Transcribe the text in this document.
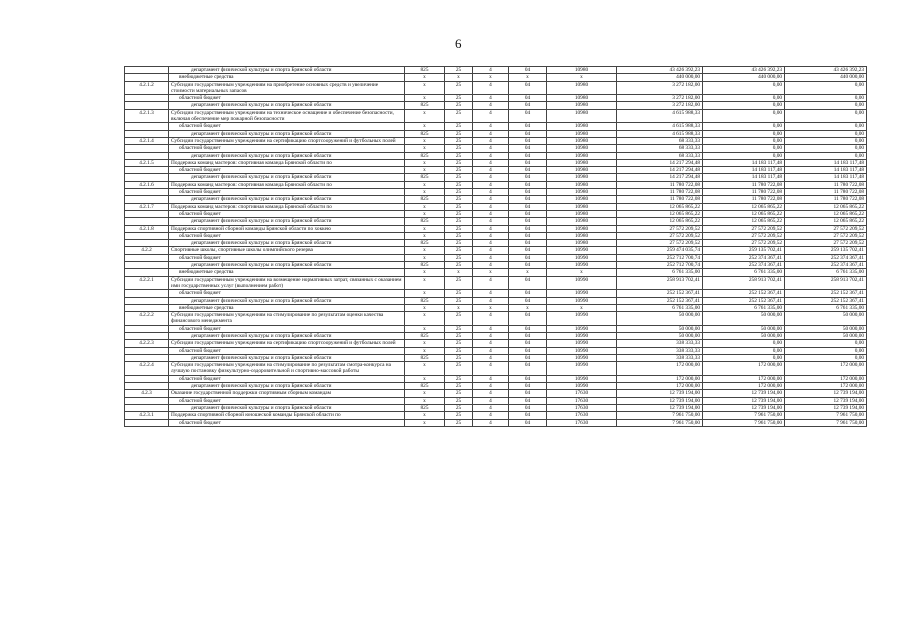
6
	департамент физической культуры и спорта Брянской области	825	25	4	04	10980	43 426 392,23	43 426 392,23	43 426 392,23
	внебюджетные средства	x	x	x	x	x	440 000,00	440 000,00	440 000,00
4.2.1.2	Субсидии государственным учреждениям на приобретение основных средств и увеличение стоимости материальных запасов	x	25	4	04	10980	3 272 182,00	0,00	0,00
	областной бюджет	x	25	4	04	10980	3 272 182,00	0,00	0,00
	департамент физической культуры и спорта Брянской области	825	25	4	04	10980	3 272 182,00	0,00	0,00
4.2.1.3	Субсидии государственным учреждениям на техническое оснащение и обеспечение безопасности, включая обеспечение мер пожарной безопасности	x	25	4	04	10980	4 615 988,33	0,00	0,00
	областной бюджет	x	25	4	04	10980	4 615 988,33	0,00	0,00
	департамент физической культуры и спорта Брянской области	825	25	4	04	10980	4 615 988,33	0,00	0,00
4.2.1.4	Субсидии государственным учреждениям на сертификацию спортсооружений и футбольных полей	x	25	4	04	10980	68 333,33	0,00	0,00
	областной бюджет	x	25	4	04	10980	68 333,33	0,00	0,00
	департамент физической культуры и спорта Брянской области	825	25	4	04	10980	68 333,33	0,00	0,00
4.2.1.5	Поддержка команд мастеров: спортивная команда Брянской области по	x	25	4	04	10980	14 217 294,48	14 183 117,48	14 183 117,48
	областной бюджет	x	25	4	04	10980	14 217 294,48	14 183 117,48	14 183 117,48
	департамент физической культуры и спорта Брянской области	825	25	4	04	10980	14 217 294,48	14 183 117,48	14 183 117,48
4.2.1.6	Поддержка команд мастеров: спортивная команда Брянской области по	x	25	4	04	10980	11 780 722,08	11 780 722,08	11 780 722,08
	областной бюджет	x	25	4	04	10980	11 780 722,08	11 780 722,08	11 780 722,08
	департамент физической культуры и спорта Брянской области	825	25	4	04	10980	11 780 722,08	11 780 722,08	11 780 722,08
4.2.1.7	Поддержка команд мастеров: спортивная команда Брянской области по	x	25	4	04	10980	12 065 865,22	12 065 865,22	12 065 865,22
	областной бюджет	x	25	4	04	10980	12 065 865,22	12 065 865,22	12 065 865,22
	департамент физической культуры и спорта Брянской области	825	25	4	04	10980	12 065 865,22	12 065 865,22	12 065 865,22
4.2.1.8	Поддержка спортивной сборной команды Брянской области по хоккею	x	25	4	04	10980	27 572 209,52	27 572 209,52	27 572 209,52
	областной бюджет	x	25	4	04	10980	27 572 209,52	27 572 209,52	27 572 209,52
	департамент физической культуры и спорта Брянской области	825	25	4	04	10980	27 572 209,52	27 572 209,52	27 572 209,52
4.2.2	Спортивные школы, спортивные школы олимпийского резерва	x	25	4	04	10990	259 474 035,74	259 135 702,41	259 135 702,41
	областной бюджет	x	25	4	04	10990	252 712 700,74	252 374 367,41	252 374 367,41
	департамент физической культуры и спорта Брянской области	825	25	4	04	10990	252 712 700,74	252 374 367,41	252 374 367,41
	внебюджетные средства	x	x	x	x	x	6 761 335,00	6 761 335,00	6 761 335,00
4.2.2.1	Субсидии государственным учреждениям на возмещение нормативных затрат, связанных с оказанием ими государственных услуг (выполнением работ)	x	25	4	04	10990	258 913 702,41	258 913 702,41	258 913 702,41
	областной бюджет	x	25	4	04	10990	252 152 367,41	252 152 367,41	252 152 367,41
	департамент физической культуры и спорта Брянской области	825	25	4	04	10990	252 152 367,41	252 152 367,41	252 152 367,41
	внебюджетные средства	x	x	x	x	x	6 761 335,00	6 761 335,00	6 761 335,00
4.2.2.2	Субсидии государственным учреждениям на стимулирование по результатам оценки качества финансового менеджмента	x	25	4	04	10990	50 000,00	50 000,00	50 000,00
	областной бюджет	x	25	4	04	10990	50 000,00	50 000,00	50 000,00
	департамент физической культуры и спорта Брянской области	825	25	4	04	10990	50 000,00	50 000,00	50 000,00
4.2.2.3	Субсидии государственным учреждениям на сертификацию спортсооружений и футбольных полей	x	25	4	04	10990	338 333,33	0,00	0,00
	областной бюджет	x	25	4	04	10990	338 333,33	0,00	0,00
	департамент физической культуры и спорта Брянской области	825	25	4	04	10990	338 333,33	0,00	0,00
4.2.2.4	Субсидии государственным учреждениям на стимулирование по результатам смотра-конкурса на лучшую постановку физкультурно-оздоровительной и спортивно-массовой работы	x	25	4	04	10990	172 000,00	172 000,00	172 000,00
	областной бюджет	x	25	4	04	10990	172 000,00	172 000,00	172 000,00
	департамент физической культуры и спорта Брянской области	825	25	4	04	10990	172 000,00	172 000,00	172 000,00
4.2.3	Оказание государственной поддержки спортивным сборным командам	x	25	4	04	17630	12 739 194,00	12 739 194,00	12 739 194,00
	областной бюджет	x	25	4	04	17630	12 739 194,00	12 739 194,00	12 739 194,00
	департамент физической культуры и спорта Брянской области	825	25	4	04	17630	12 739 194,00	12 739 194,00	12 739 194,00
4.2.3.1	Поддержка спортивной сборной юношеской команды Брянской области по	x	25	4	04	17630	7 961 750,00	7 961 750,00	7 961 750,00
	областной бюджет	x	25	4	04	17630	7 961 750,00	7 961 750,00	7 961 750,00
